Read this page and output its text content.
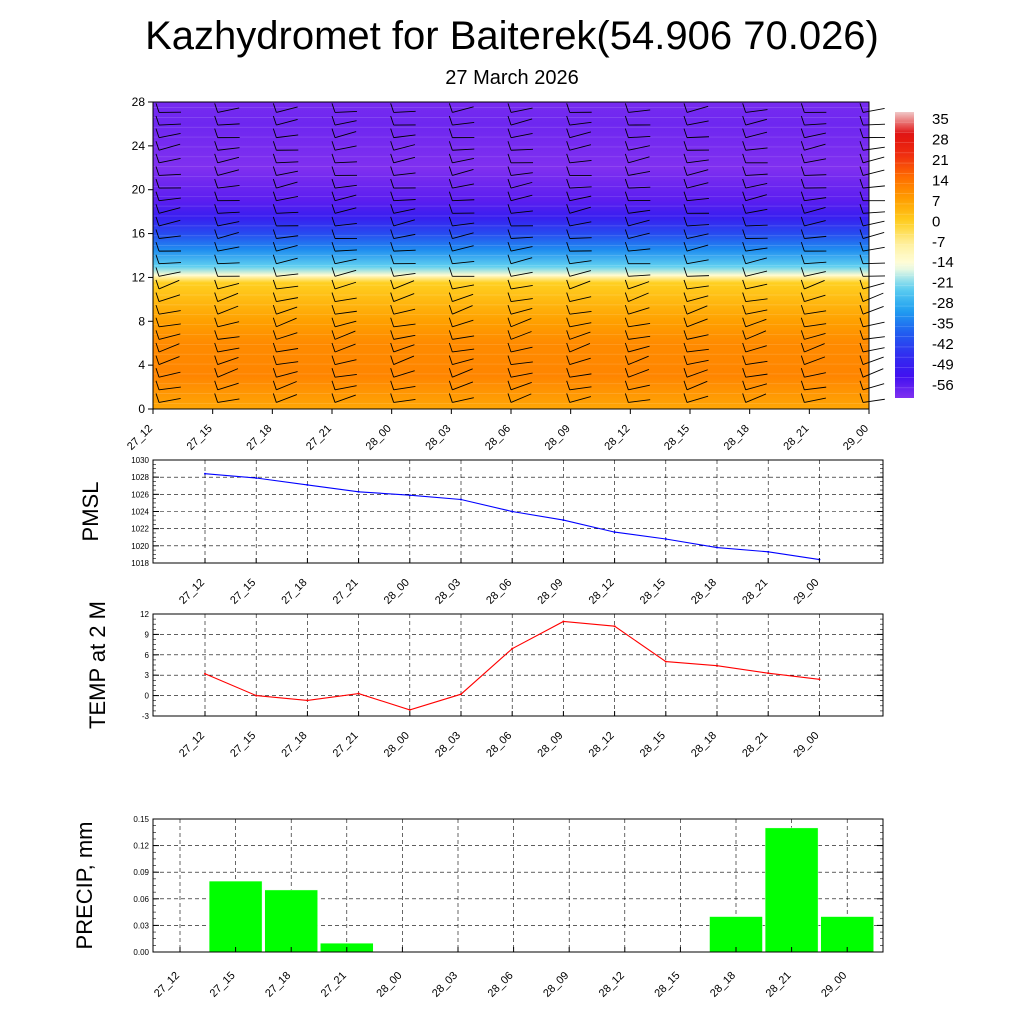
Kazhydromet for Baiterek(54.906 70.026)
27 March 2026
0
4
8
12
16
20
24
28
27_12	27_15	27_18	27_21	28_00	28_03	28_06	28_09	28_12	28_15	28_18	28_21	29_00
35
28
21
14
7
0
-7
-14
-21
-28
-35
-42
-49
-56
1018
1020
1022
1024
1026
1028
1030
27_12 27_15 27_18 27_21 28_00 28_03 28_06 28_09 28_12 28_15 28_18 28_21 29_00
PMSL
-3
0
3
6
9
12
27_12 27_15 27_18 27_21 28_00 28_03 28_06 28_09 28_12 28_15 28_18 28_21 29_00
TEMP at 2 M
0.00
0.03
0.06
0.09
0.12
0.15
27_12 27_15 27_18 27_21 28_00 28_03 28_06 28_09 28_12 28_15 28_18 28_21 29_00
PRECIP, mm
